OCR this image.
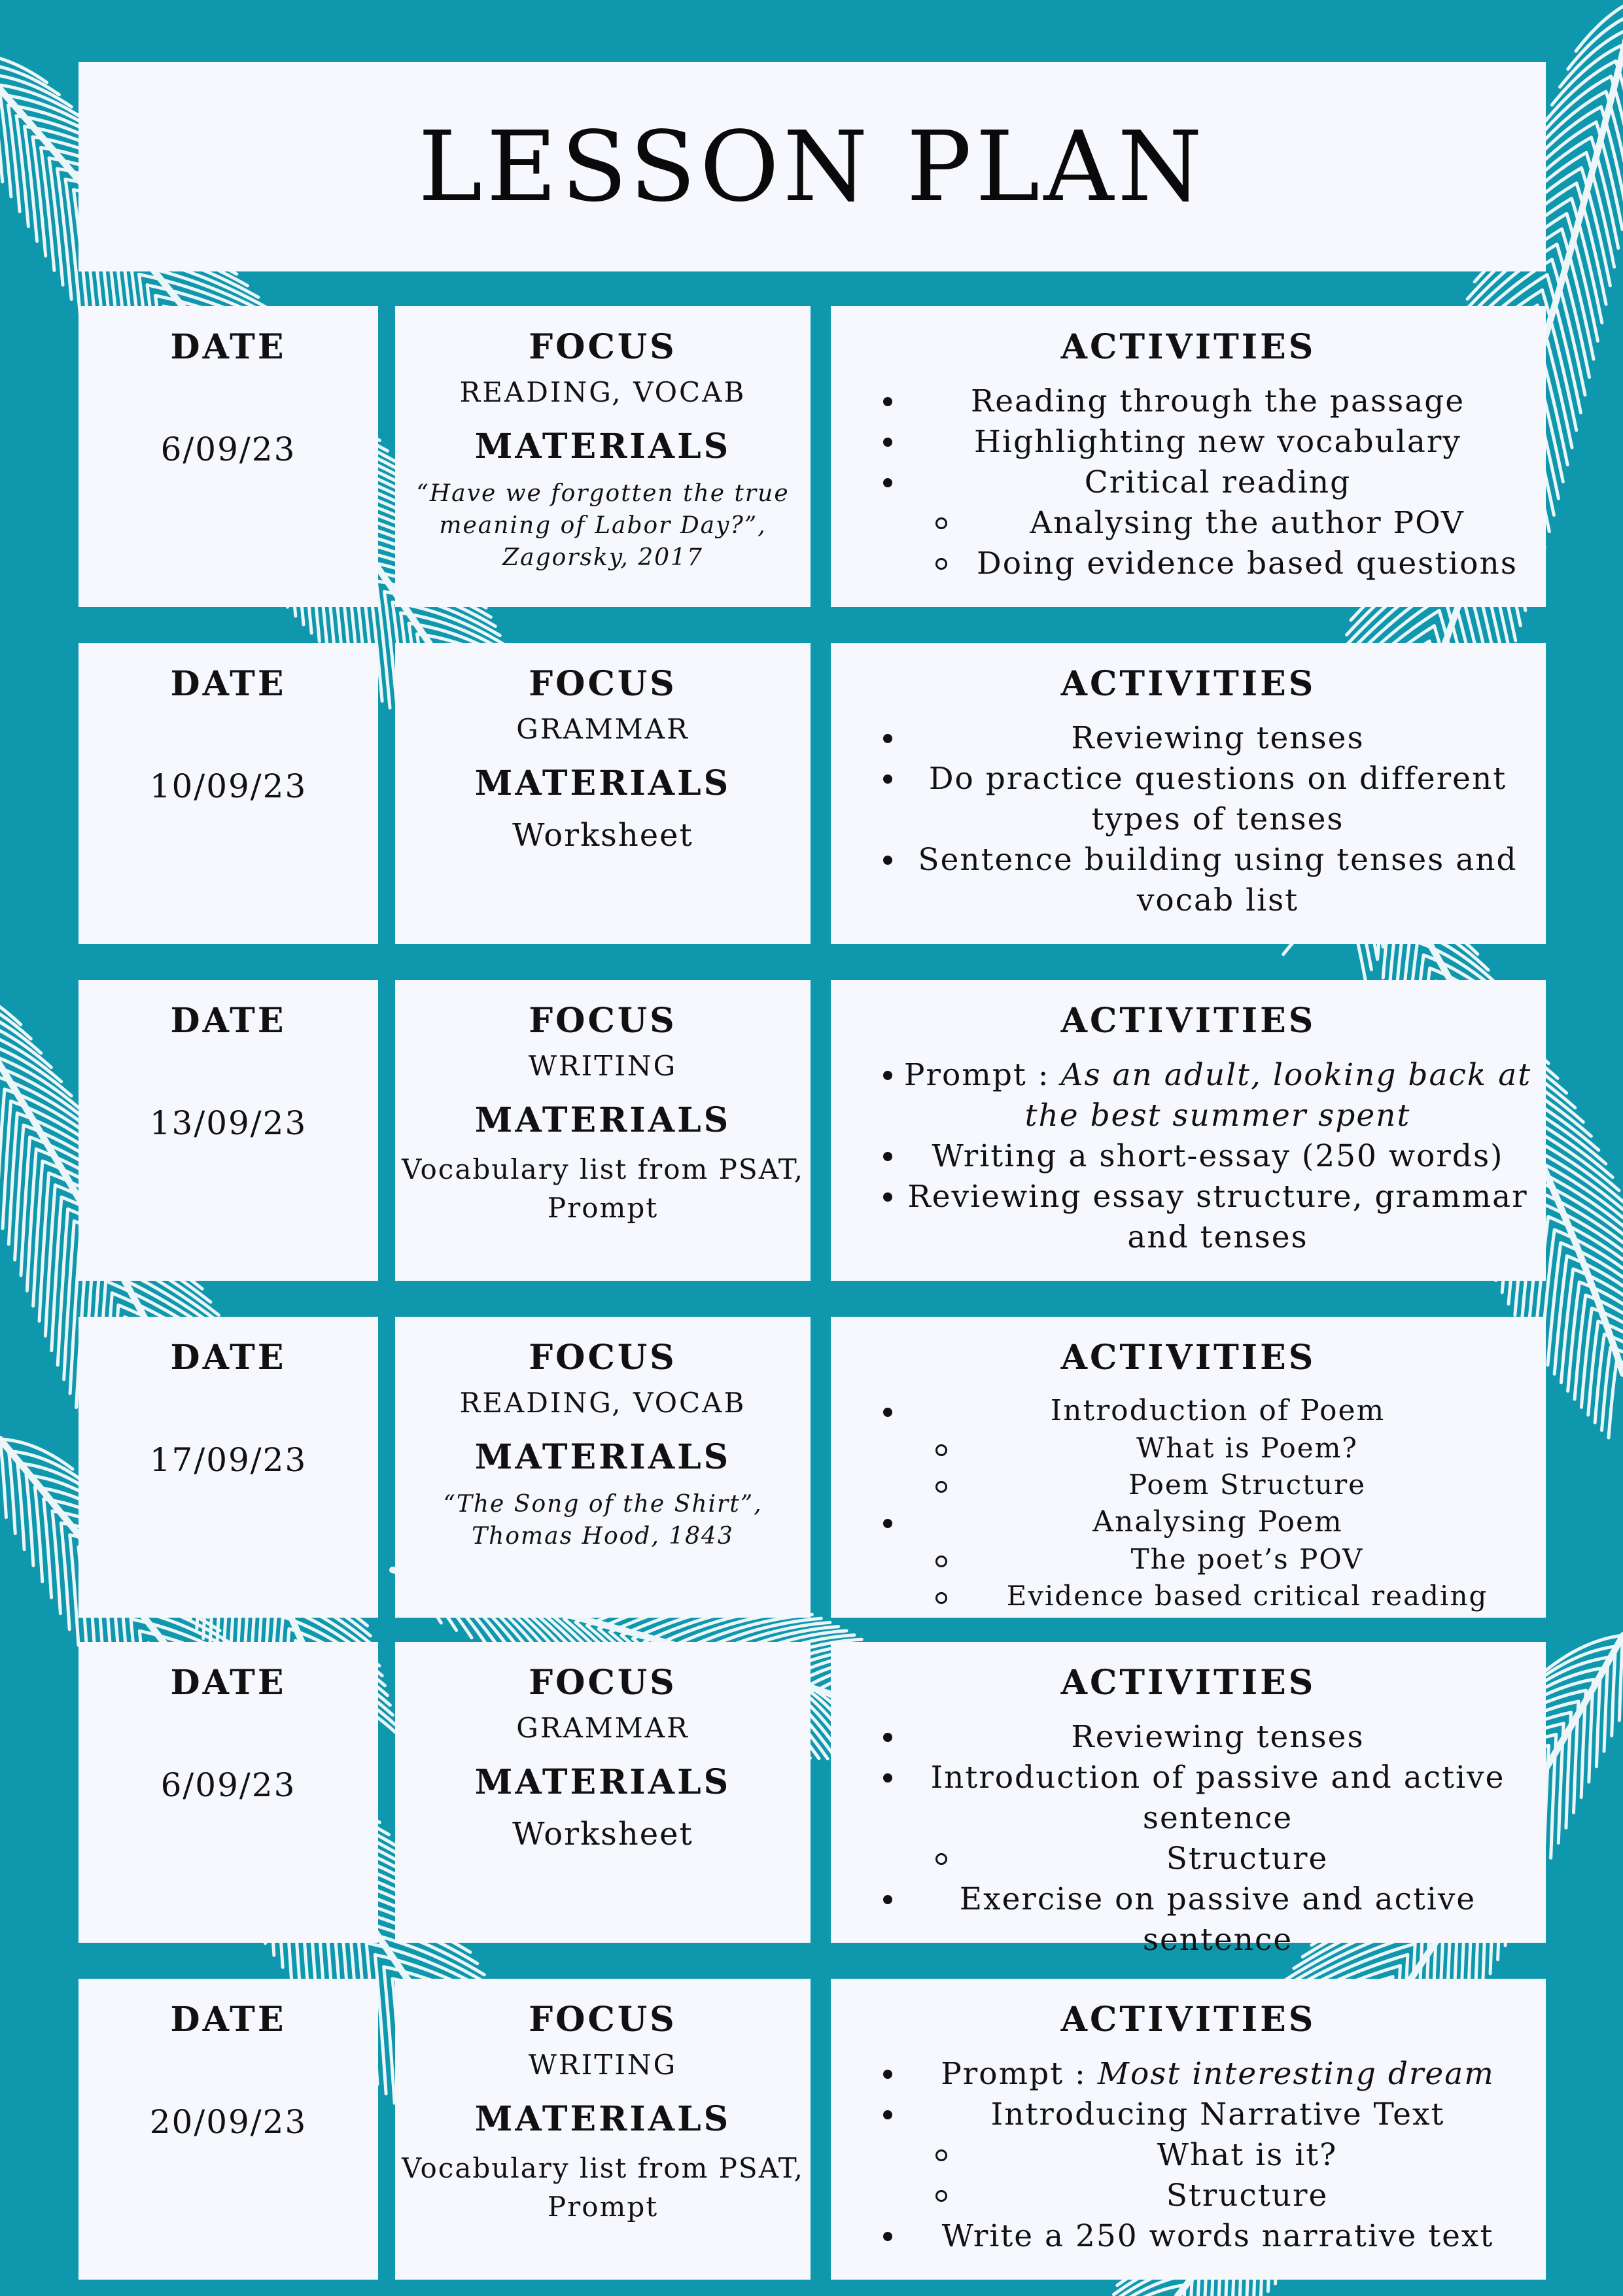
LESSON PLAN
DATE
6/09/23
FOCUS
READING, VOCAB
MATERIALS
“Have we forgotten the true meaning of Labor Day?”, Zagorsky, 2017
ACTIVITIES
Reading through the passage
Highlighting new vocabulary
Critical reading
Analysing the author POV
Doing evidence based questions
DATE
10/09/23
FOCUS
GRAMMAR
MATERIALS
Worksheet
ACTIVITIES
Reviewing tenses
Do practice questions on different types of tenses
Sentence building using tenses and vocab list
DATE
13/09/23
FOCUS
WRITING
MATERIALS
Vocabulary list from PSAT, Prompt
ACTIVITIES
Prompt : As an adult, looking back at the best summer spent
Writing a short-essay (250 words)
Reviewing essay structure, grammar and tenses
DATE
17/09/23
FOCUS
READING, VOCAB
MATERIALS
“The Song of the Shirt”, Thomas Hood, 1843
ACTIVITIES
Introduction of Poem
What is Poem?
Poem Structure
Analysing Poem
The poet’s POV
Evidence based critical reading
DATE
6/09/23
FOCUS
GRAMMAR
MATERIALS
Worksheet
ACTIVITIES
Reviewing tenses
Introduction of passive and active sentence
Structure
Exercise on passive and active sentence
DATE
20/09/23
FOCUS
WRITING
MATERIALS
Vocabulary list from PSAT, Prompt
ACTIVITIES
Prompt : Most interesting dream
Introducing Narrative Text
What is it?
Structure
Write a 250 words narrative text
